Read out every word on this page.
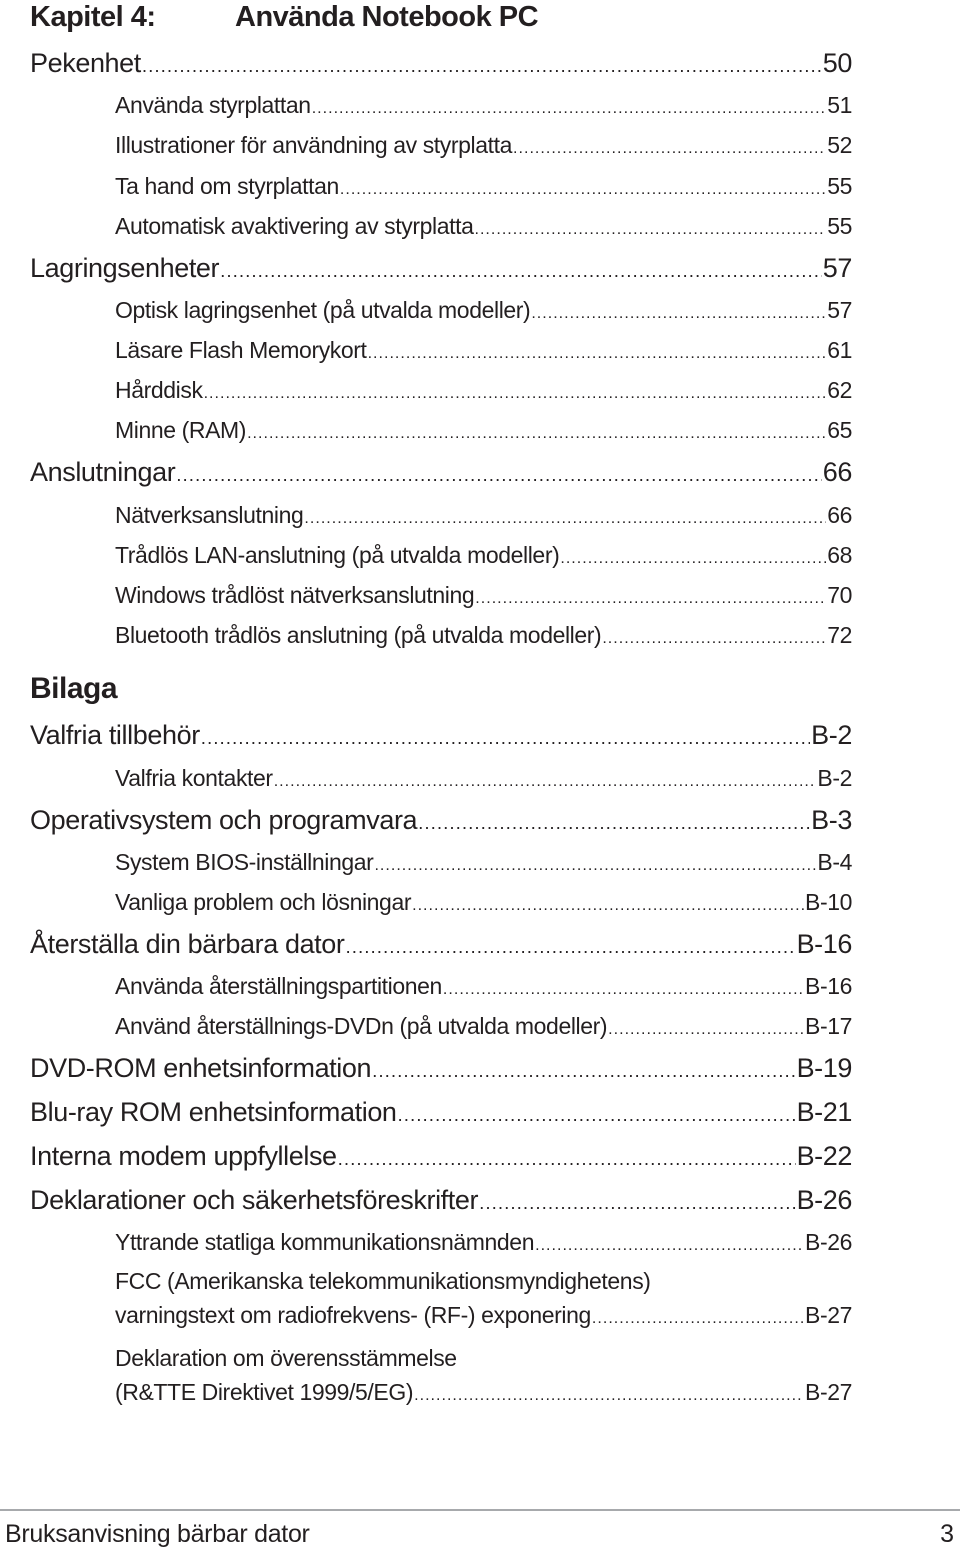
Kapitel 4:	Använda Notebook PC
Pekenhet .....	50
Använda styrplattan .....	51
Illustrationer för användning av styrplatta .....	52
Ta hand om styrplattan .....	55
Automatisk avaktivering av styrplatta .....	55
Lagringsenheter .....	57
Optisk lagringsenhet (på utvalda modeller) .....	57
Läsare Flash Memorykort .....	61
Hårddisk .....	62
Minne (RAM) .....	65
Anslutningar .....	66
Nätverksanslutning .....	66
Trådlös LAN-anslutning (på utvalda modeller) .....	68
Windows trådlöst nätverksanslutning .....	70
Bluetooth trådlös anslutning (på utvalda modeller) .....	72
Bilaga
Valfria tillbehör .....	B-2
Valfria kontakter .....	B-2
Operativsystem och programvara .....	B-3
System BIOS-inställningar .....	B-4
Vanliga problem och lösningar .....	B-10
Återställa din bärbara dator .....	B-16
Använda återställningspartitionen .....	B-16
Använd återställnings-DVDn (på utvalda modeller) .....	B-17
DVD-ROM enhetsinformation .....	B-19
Blu-ray ROM enhetsinformation .....	B-21
Interna modem uppfyllelse .....	B-22
Deklarationer och säkerhetsföreskrifter .....	B-26
Yttrande statliga kommunikationsnämnden .....	B-26
FCC (Amerikanska telekommunikationsmyndighetens)
varningstext om radiofrekvens- (RF-) exponering .....	B-27
Deklaration om överensstämmelse
(R&TTE Direktivet 1999/5/EG) .....	B-27
Bruksanvisning bärbar dator	3
